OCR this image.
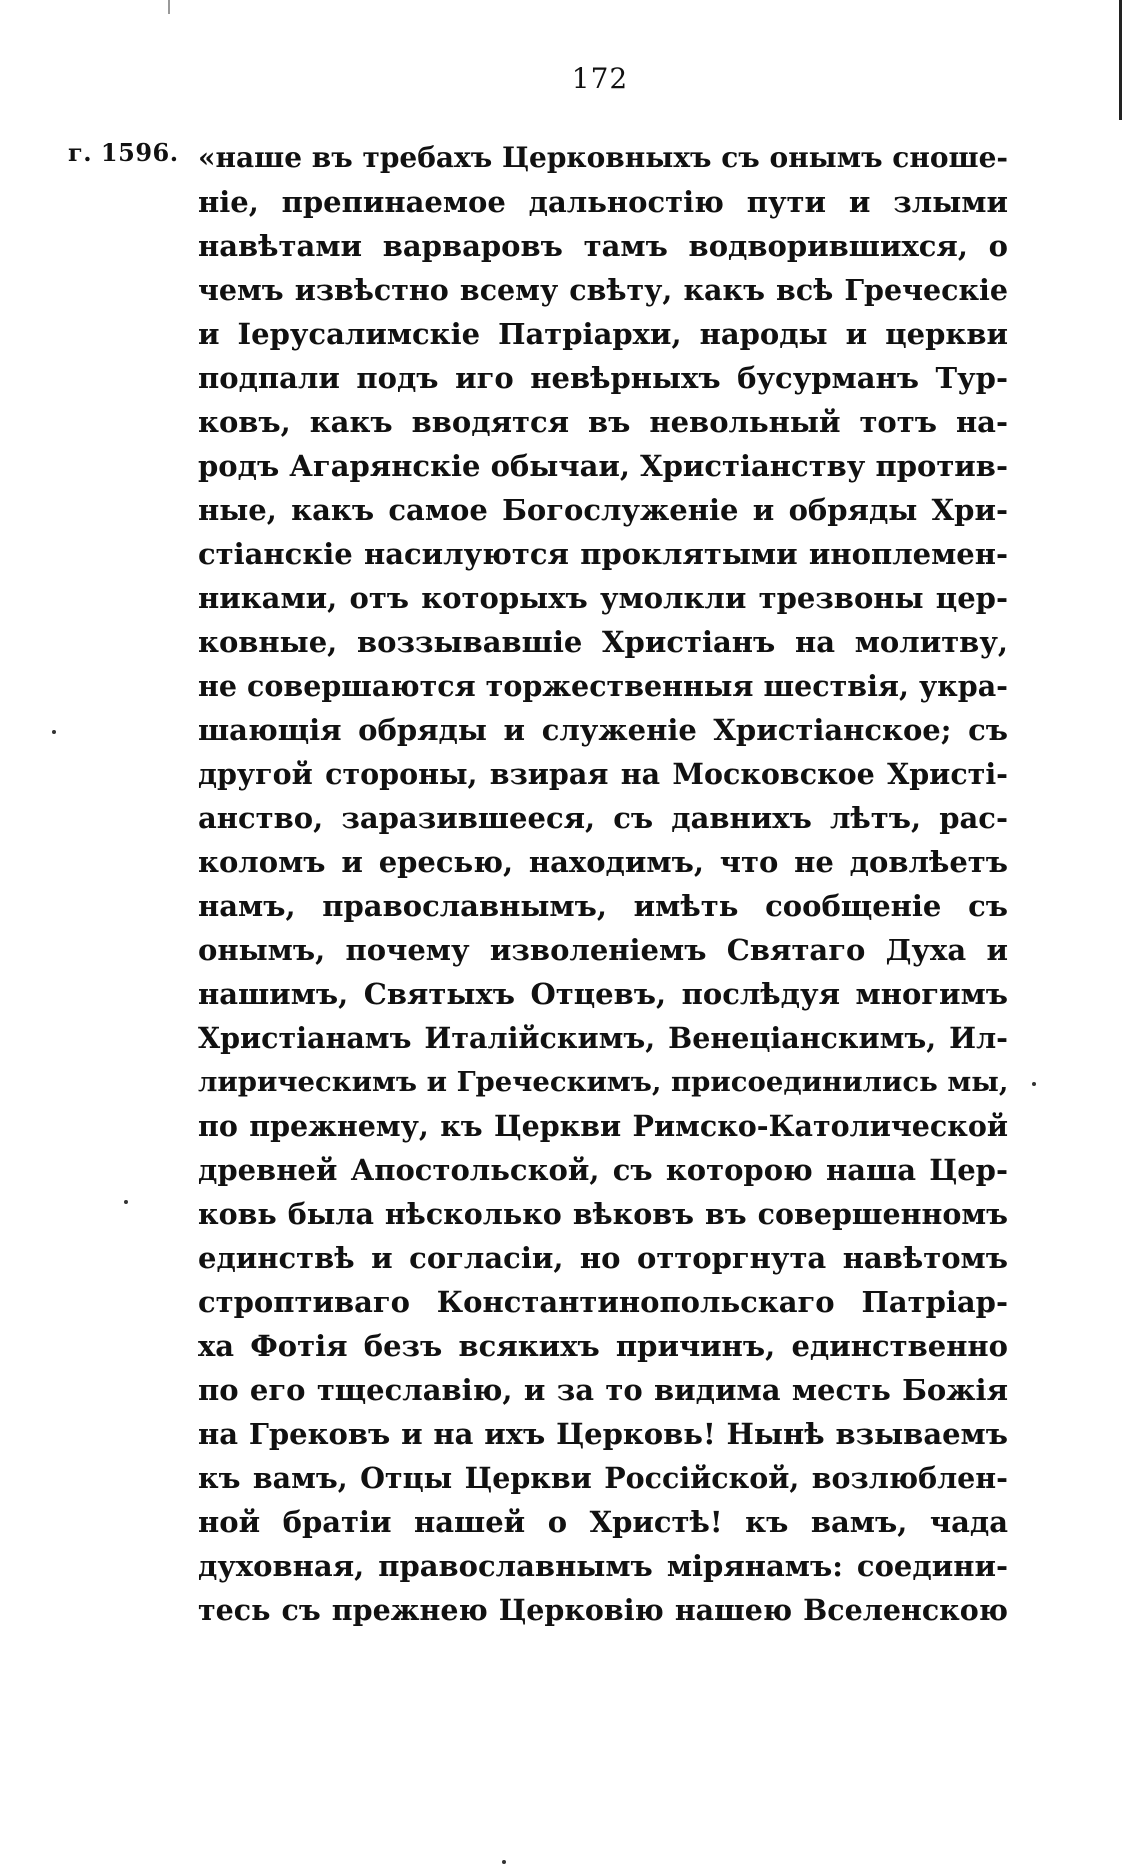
172
г. 1596. «наше въ требахъ Церковныхъ съ онымъ сноше-
ніе, препинаемое дальностію пути и злыми
навѣтами варваровъ тамъ водворившихся, о
чемъ извѣстно всему свѣту, какъ всѣ Греческіе
и Іерусалимскіе Патріархи, народы и церкви
подпали подъ иго невѣрныхъ бусурманъ Тур-
ковъ, какъ вводятся въ невольный тотъ на-
родъ Агарянскіе обычаи, Христіанству против-
ные, какъ самое Богослуженіе и обряды Хри-
стіанскіе насилуются проклятыми иноплемен-
никами, отъ которыхъ умолкли трезвоны цер-
ковные, воззывавшіе Христіанъ на молитву,
не совершаются торжественныя шествія, укра-
шающія обряды и служеніе Христіанское; съ
другой стороны, взирая на Московское Христі-
анство, заразившееся, съ давнихъ лѣтъ, рас-
коломъ и ересью, находимъ, что не довлѣетъ
намъ, православнымъ, имѣть сообщеніе съ
онымъ, почему изволеніемъ Святаго Духа и
нашимъ, Святыхъ Отцевъ, послѣдуя многимъ
Христіанамъ Италійскимъ, Венеціанскимъ, Ил-
лирическимъ и Греческимъ, присоединились мы,
по прежнему, къ Церкви Римско-Католической
древней Апостольской, съ которою наша Цер-
ковь была нѣсколько вѣковъ въ совершенномъ
единствѣ и согласіи, но отторгнута навѣтомъ
строптиваго Константинопольскаго Патріар-
ха Фотія безъ всякихъ причинъ, единственно
по его тщеславію, и за то видима месть Божія
на Грековъ и на ихъ Церковь! Нынѣ взываемъ
къ вамъ, Отцы Церкви Россійской, возлюблен-
ной братіи нашей о Христѣ! къ вамъ, чада
духовная, православнымъ мірянамъ: соедини-
тесь съ прежнею Церковію нашею Вселенскою
